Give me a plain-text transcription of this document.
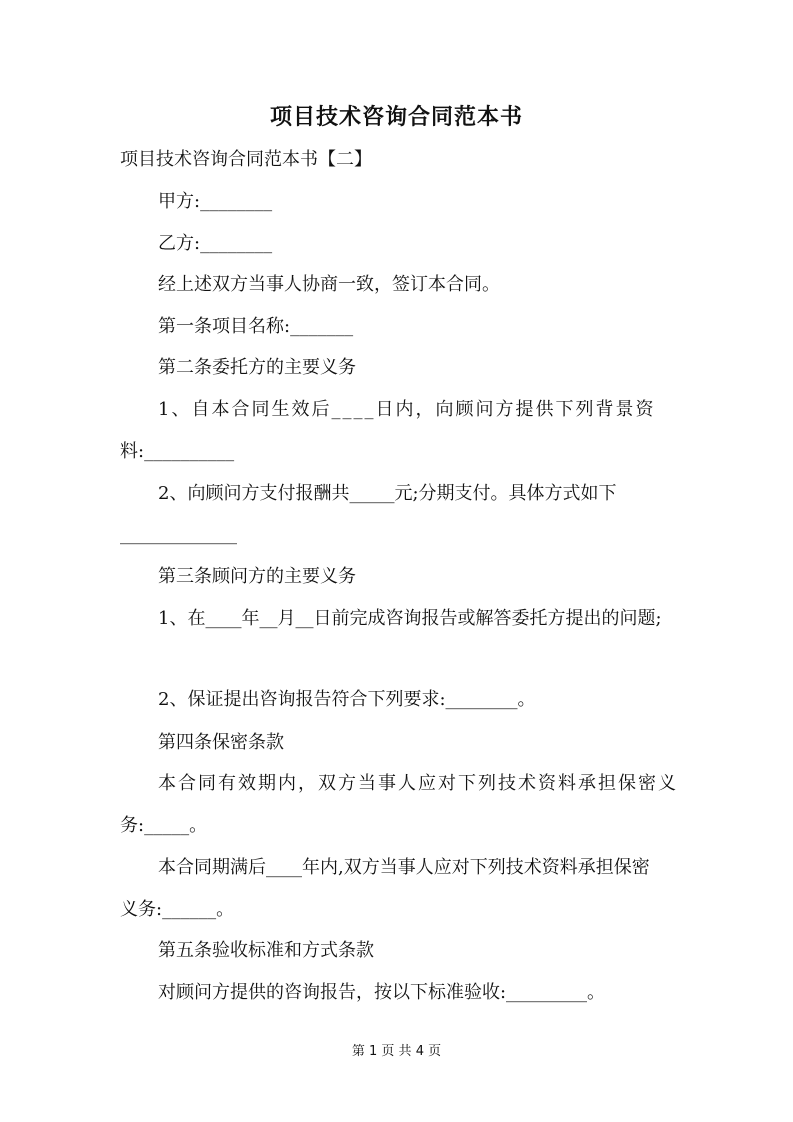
项目技术咨询合同范本书
项目技术咨询合同范本书【二】
甲方:________
乙方:________
经上述双方当事人协商一致，签订本合同。
第一条项目名称:_______
第二条委托方的主要义务
1、自本合同生效后____日内，向顾问方提供下列背景资
料:__________
2、向顾问方支付报酬共_____元;分期支付。具体方式如下
_____________
第三条顾问方的主要义务
1、在____年__月__日前完成咨询报告或解答委托方提出的问题;
2、保证提出咨询报告符合下列要求:________。
第四条保密条款
本合同有效期内，双方当事人应对下列技术资料承担保密义
务:_____。
本合同期满后____年内,双方当事人应对下列技术资料承担保密
义务:______。
第五条验收标准和方式条款
对顾问方提供的咨询报告，按以下标准验收:_________。
第 1 页 共 4 页
